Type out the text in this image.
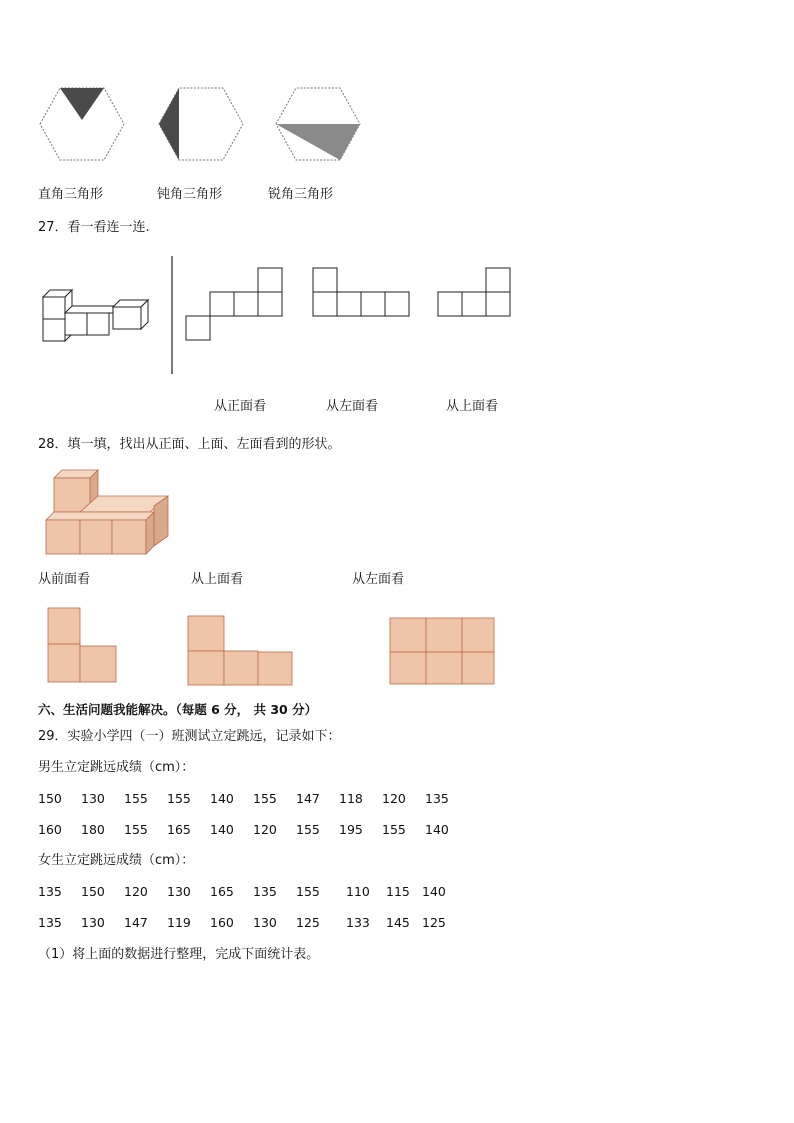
直角三角形	钝角三角形	锐角三角形
27．看一看连一连.
从正面看	从左面看	从上面看
28．填一填，找出从正面、上面、左面看到的形状。
从前面看	从上面看	从左面看
六、生活问题我能解决。（每题 6 分， 共 30 分）
29．实验小学四（一）班测试立定跳远，记录如下：
男生立定跳远成绩（cm）：
150	130	155	155	140	155	147	118	120	135
160	180	155	165	140	120	155	195	155	140
女生立定跳远成绩（cm）：
135	150	120	130	165	135	155	110	115 140
135	130	147	119	160	130	125	133	145 125
（1）将上面的数据进行整理，完成下面统计表。
